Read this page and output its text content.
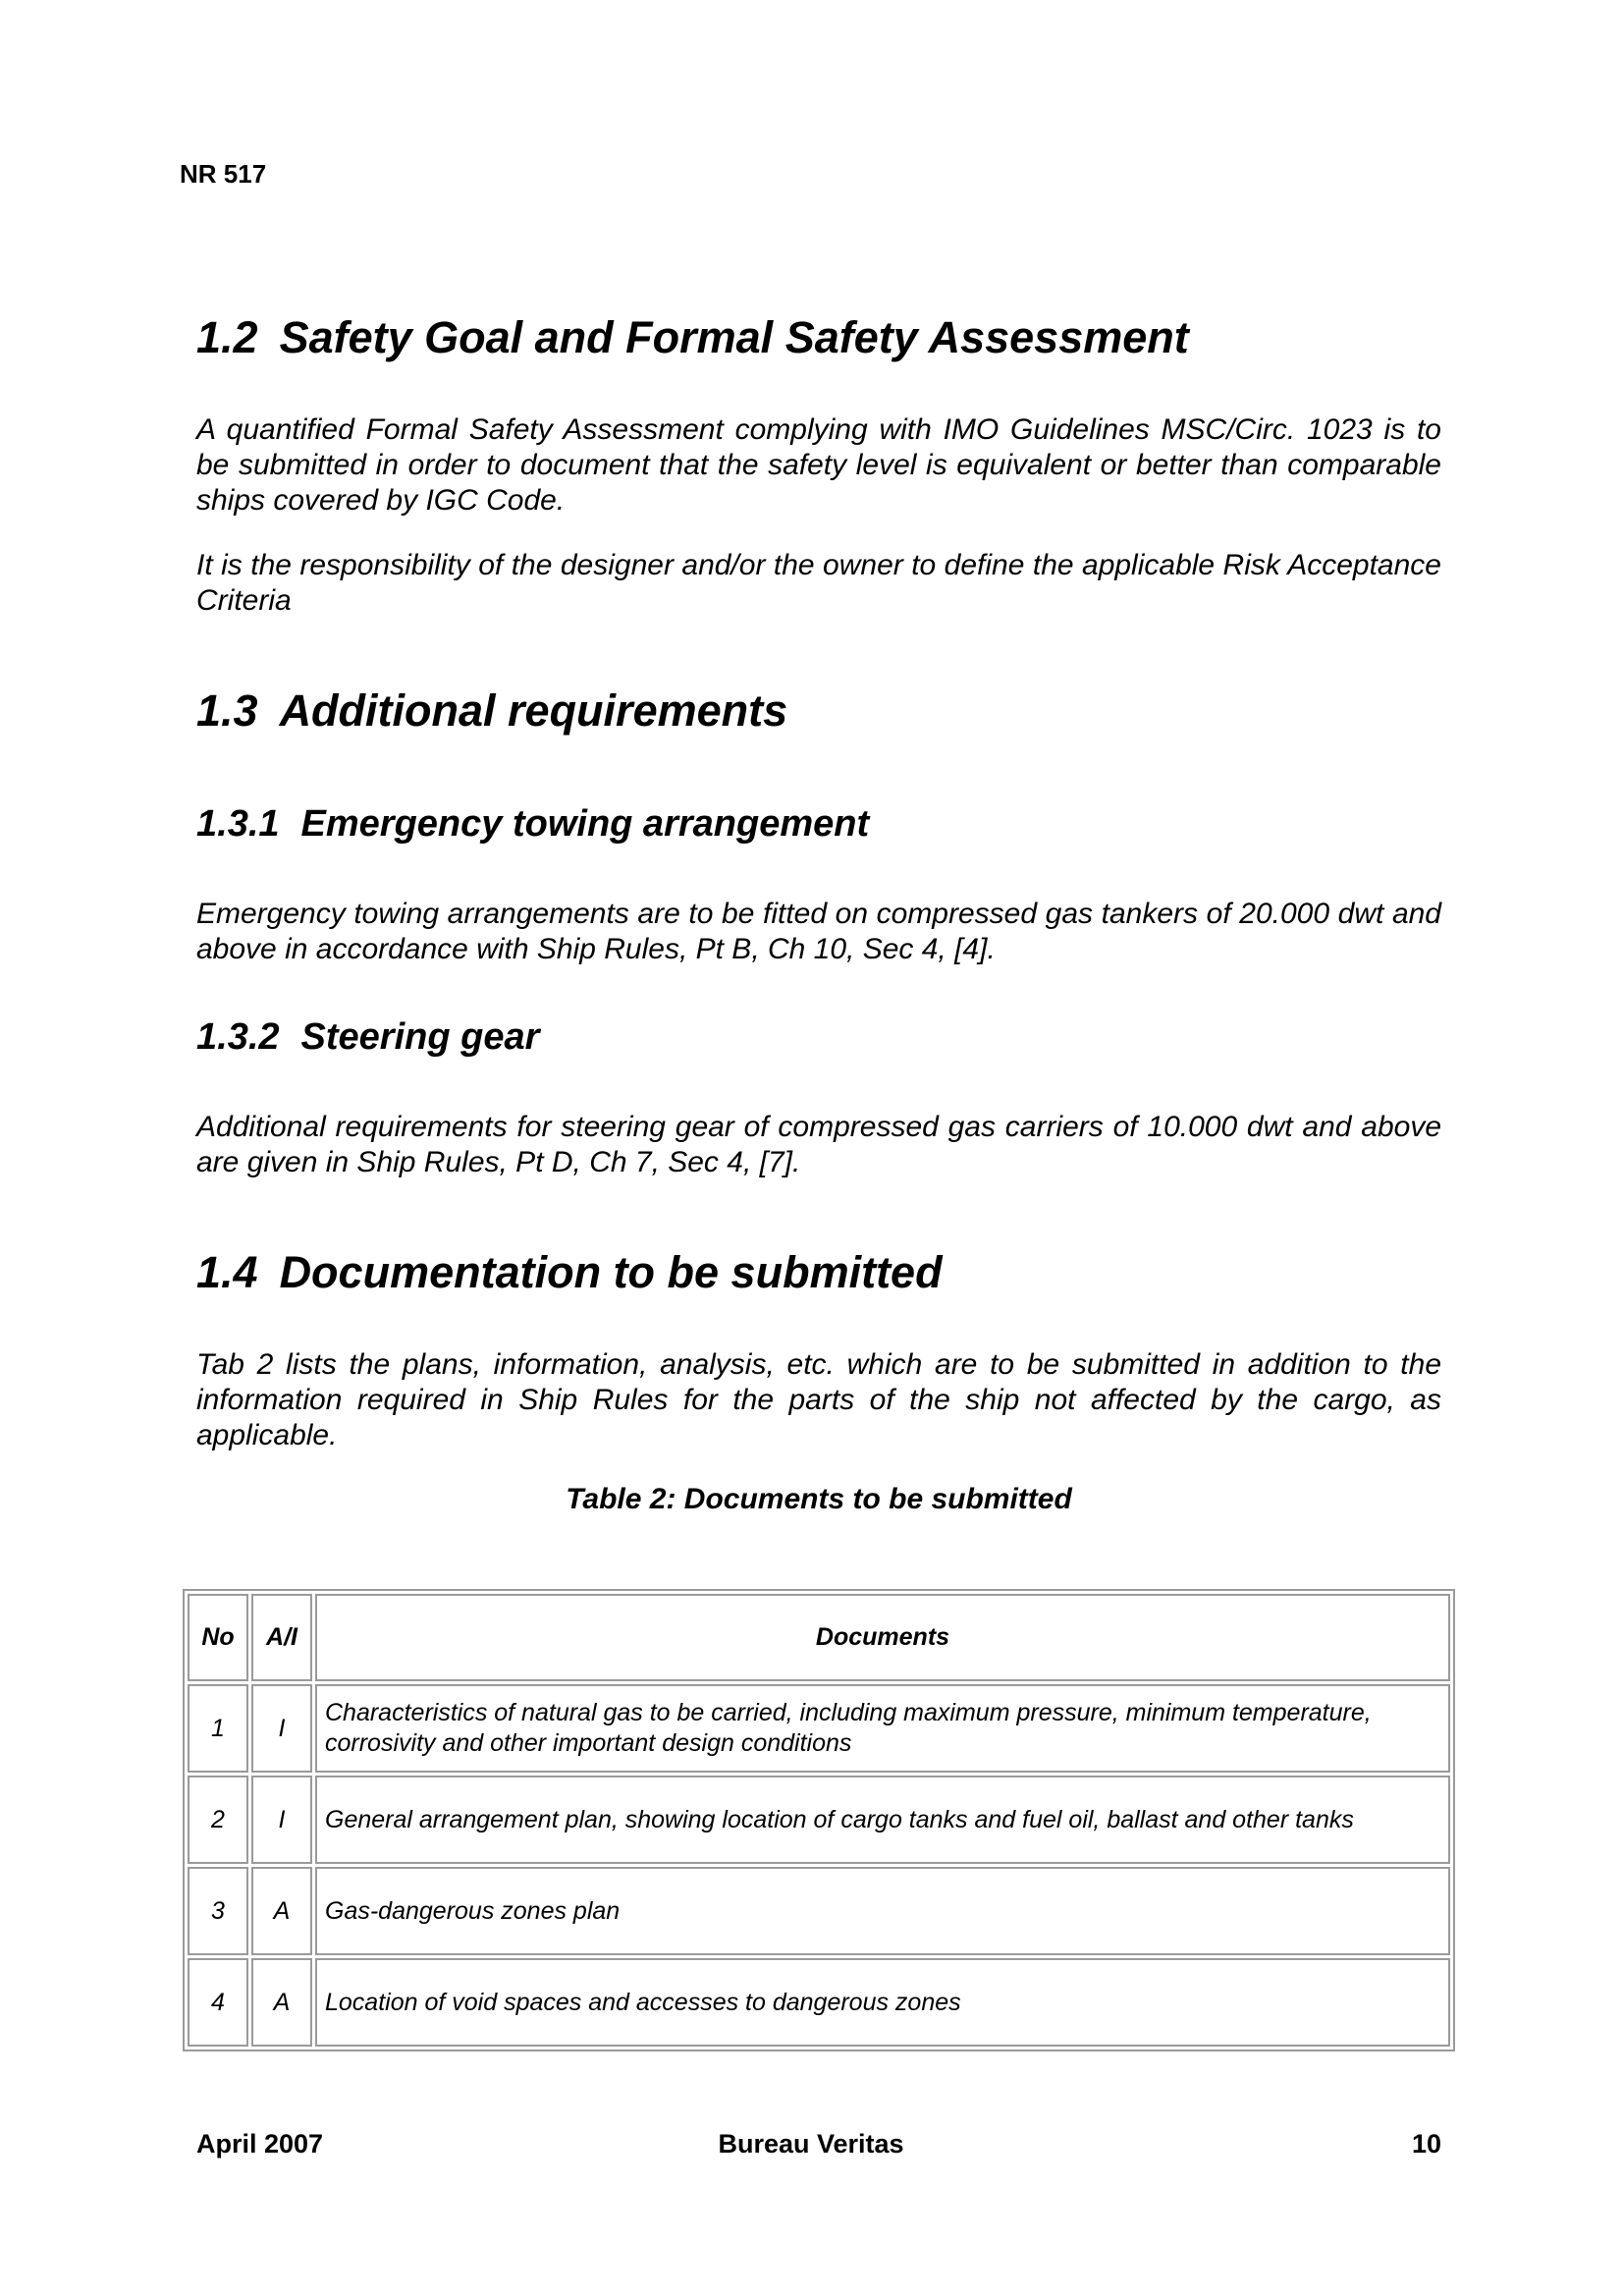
NR 517
1.2 Safety Goal and Formal Safety Assessment

A quantified Formal Safety Assessment complying with IMO Guidelines MSC/Circ. 1023 is to be submitted in order to document that the safety level is equivalent or better than comparable ships covered by IGC Code.

It is the responsibility of the designer and/or the owner to define the applicable Risk Acceptance Criteria

1.3 Additional requirements
1.3.1 Emergency towing arrangement

Emergency towing arrangements are to be fitted on compressed gas tankers of 20.000 dwt and above in accordance with Ship Rules, Pt B, Ch 10, Sec 4, [4].

1.3.2 Steering gear

Additional requirements for steering gear of compressed gas carriers of 10.000 dwt and above are given in Ship Rules, Pt D, Ch 7, Sec 4, [7].

1.4 Documentation to be submitted

Tab 2 lists the plans, information, analysis, etc. which are to be submitted in addition to the information required in Ship Rules for the parts of the ship not affected by the cargo, as applicable.

Table 2: Documents to be submitted
No	A/I	Documents
1	I	Characteristics of natural gas to be carried, including maximum pressure, minimum temperature, corrosivity and other important design conditions
2	I	General arrangement plan, showing location of cargo tanks and fuel oil, ballast and other tanks
3	A	Gas-dangerous zones plan
4	A	Location of void spaces and accesses to dangerous zones
April 2007	Bureau Veritas	10
